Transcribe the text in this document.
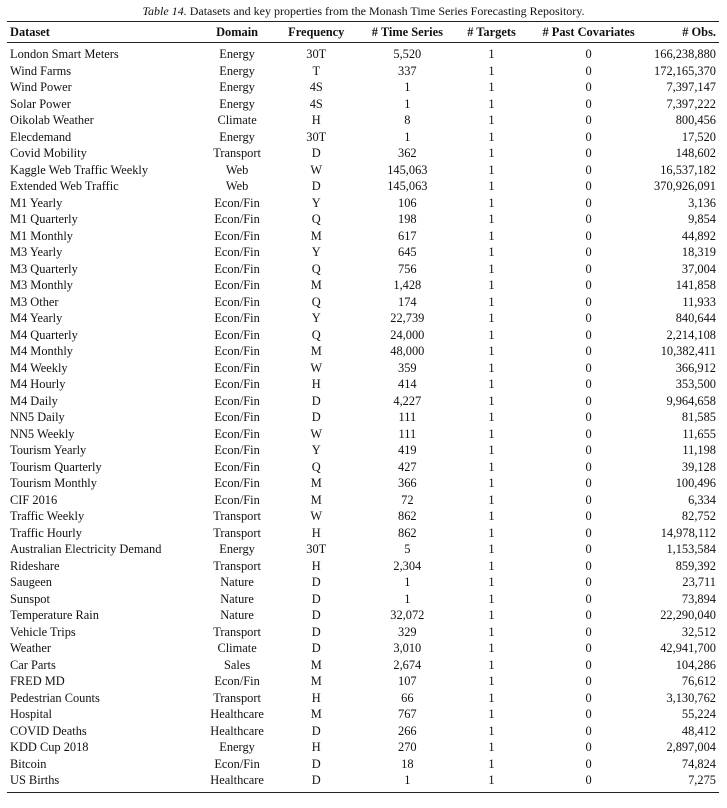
Table 14. Datasets and key properties from the Monash Time Series Forecasting Repository.
Dataset	Domain	Frequency	# Time Series	# Targets	# Past Covariates	# Obs.
London Smart Meters	Energy	30T	5,520	1	0	166,238,880
Wind Farms	Energy	T	337	1	0	172,165,370
Wind Power	Energy	4S	1	1	0	7,397,147
Solar Power	Energy	4S	1	1	0	7,397,222
Oikolab Weather	Climate	H	8	1	0	800,456
Elecdemand	Energy	30T	1	1	0	17,520
Covid Mobility	Transport	D	362	1	0	148,602
Kaggle Web Traffic Weekly	Web	W	145,063	1	0	16,537,182
Extended Web Traffic	Web	D	145,063	1	0	370,926,091
M1 Yearly	Econ/Fin	Y	106	1	0	3,136
M1 Quarterly	Econ/Fin	Q	198	1	0	9,854
M1 Monthly	Econ/Fin	M	617	1	0	44,892
M3 Yearly	Econ/Fin	Y	645	1	0	18,319
M3 Quarterly	Econ/Fin	Q	756	1	0	37,004
M3 Monthly	Econ/Fin	M	1,428	1	0	141,858
M3 Other	Econ/Fin	Q	174	1	0	11,933
M4 Yearly	Econ/Fin	Y	22,739	1	0	840,644
M4 Quarterly	Econ/Fin	Q	24,000	1	0	2,214,108
M4 Monthly	Econ/Fin	M	48,000	1	0	10,382,411
M4 Weekly	Econ/Fin	W	359	1	0	366,912
M4 Hourly	Econ/Fin	H	414	1	0	353,500
M4 Daily	Econ/Fin	D	4,227	1	0	9,964,658
NN5 Daily	Econ/Fin	D	111	1	0	81,585
NN5 Weekly	Econ/Fin	W	111	1	0	11,655
Tourism Yearly	Econ/Fin	Y	419	1	0	11,198
Tourism Quarterly	Econ/Fin	Q	427	1	0	39,128
Tourism Monthly	Econ/Fin	M	366	1	0	100,496
CIF 2016	Econ/Fin	M	72	1	0	6,334
Traffic Weekly	Transport	W	862	1	0	82,752
Traffic Hourly	Transport	H	862	1	0	14,978,112
Australian Electricity Demand	Energy	30T	5	1	0	1,153,584
Rideshare	Transport	H	2,304	1	0	859,392
Saugeen	Nature	D	1	1	0	23,711
Sunspot	Nature	D	1	1	0	73,894
Temperature Rain	Nature	D	32,072	1	0	22,290,040
Vehicle Trips	Transport	D	329	1	0	32,512
Weather	Climate	D	3,010	1	0	42,941,700
Car Parts	Sales	M	2,674	1	0	104,286
FRED MD	Econ/Fin	M	107	1	0	76,612
Pedestrian Counts	Transport	H	66	1	0	3,130,762
Hospital	Healthcare	M	767	1	0	55,224
COVID Deaths	Healthcare	D	266	1	0	48,412
KDD Cup 2018	Energy	H	270	1	0	2,897,004
Bitcoin	Econ/Fin	D	18	1	0	74,824
US Births	Healthcare	D	1	1	0	7,275
